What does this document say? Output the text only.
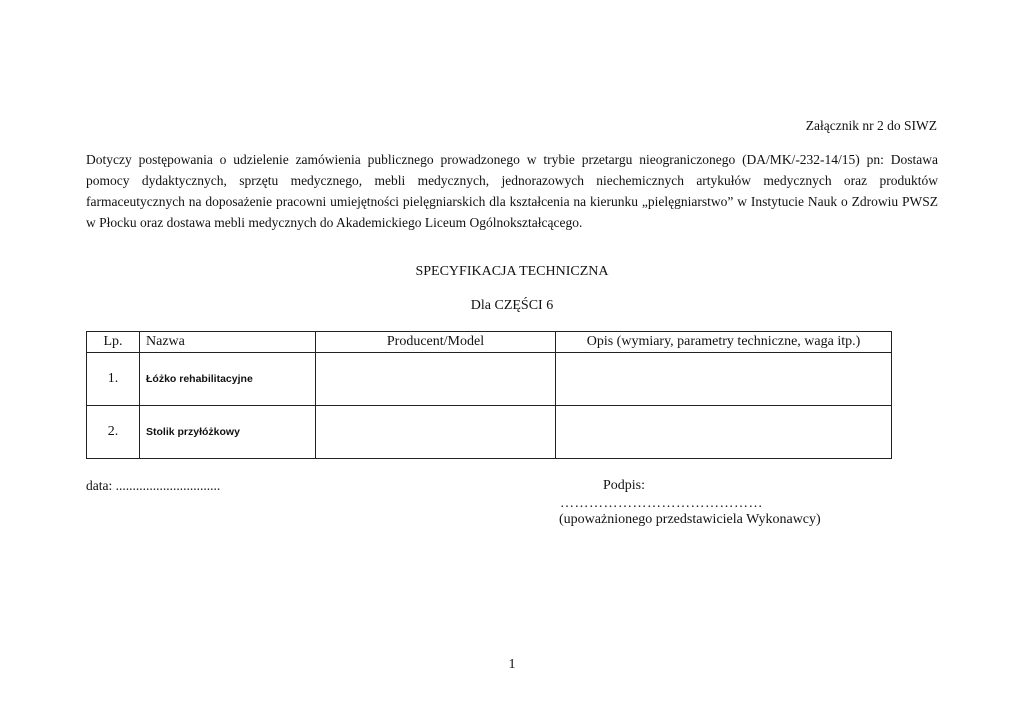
Załącznik nr 2 do SIWZ

Dotyczy postępowania o udzielenie zamówienia publicznego prowadzonego w trybie przetargu nieograniczonego (DA/MK/-232-14/15) pn: Dostawa pomocy dydaktycznych, sprzętu medycznego, mebli medycznych, jednorazowych niechemicznych artykułów medycznych oraz produktów farmaceutycznych na doposażenie pracowni umiejętności pielęgniarskich dla kształcenia na kierunku „pielęgniarstwo” w Instytucie Nauk o Zdrowiu PWSZ w Płocku oraz dostawa mebli medycznych do Akademickiego Liceum Ogólnokształcącego.

SPECYFIKACJA TECHNICZNA
Dla CZĘŚCI 6
Lp.	Nazwa	Producent/Model	Opis (wymiary, parametry techniczne, waga itp.)
1.	Łóżko rehabilitacyjne		
2.	Stolik przyłóżkowy		
data: ...............................	Podpis:
……………………………………
(upoważnionego przedstawiciela Wykonawcy)
1
